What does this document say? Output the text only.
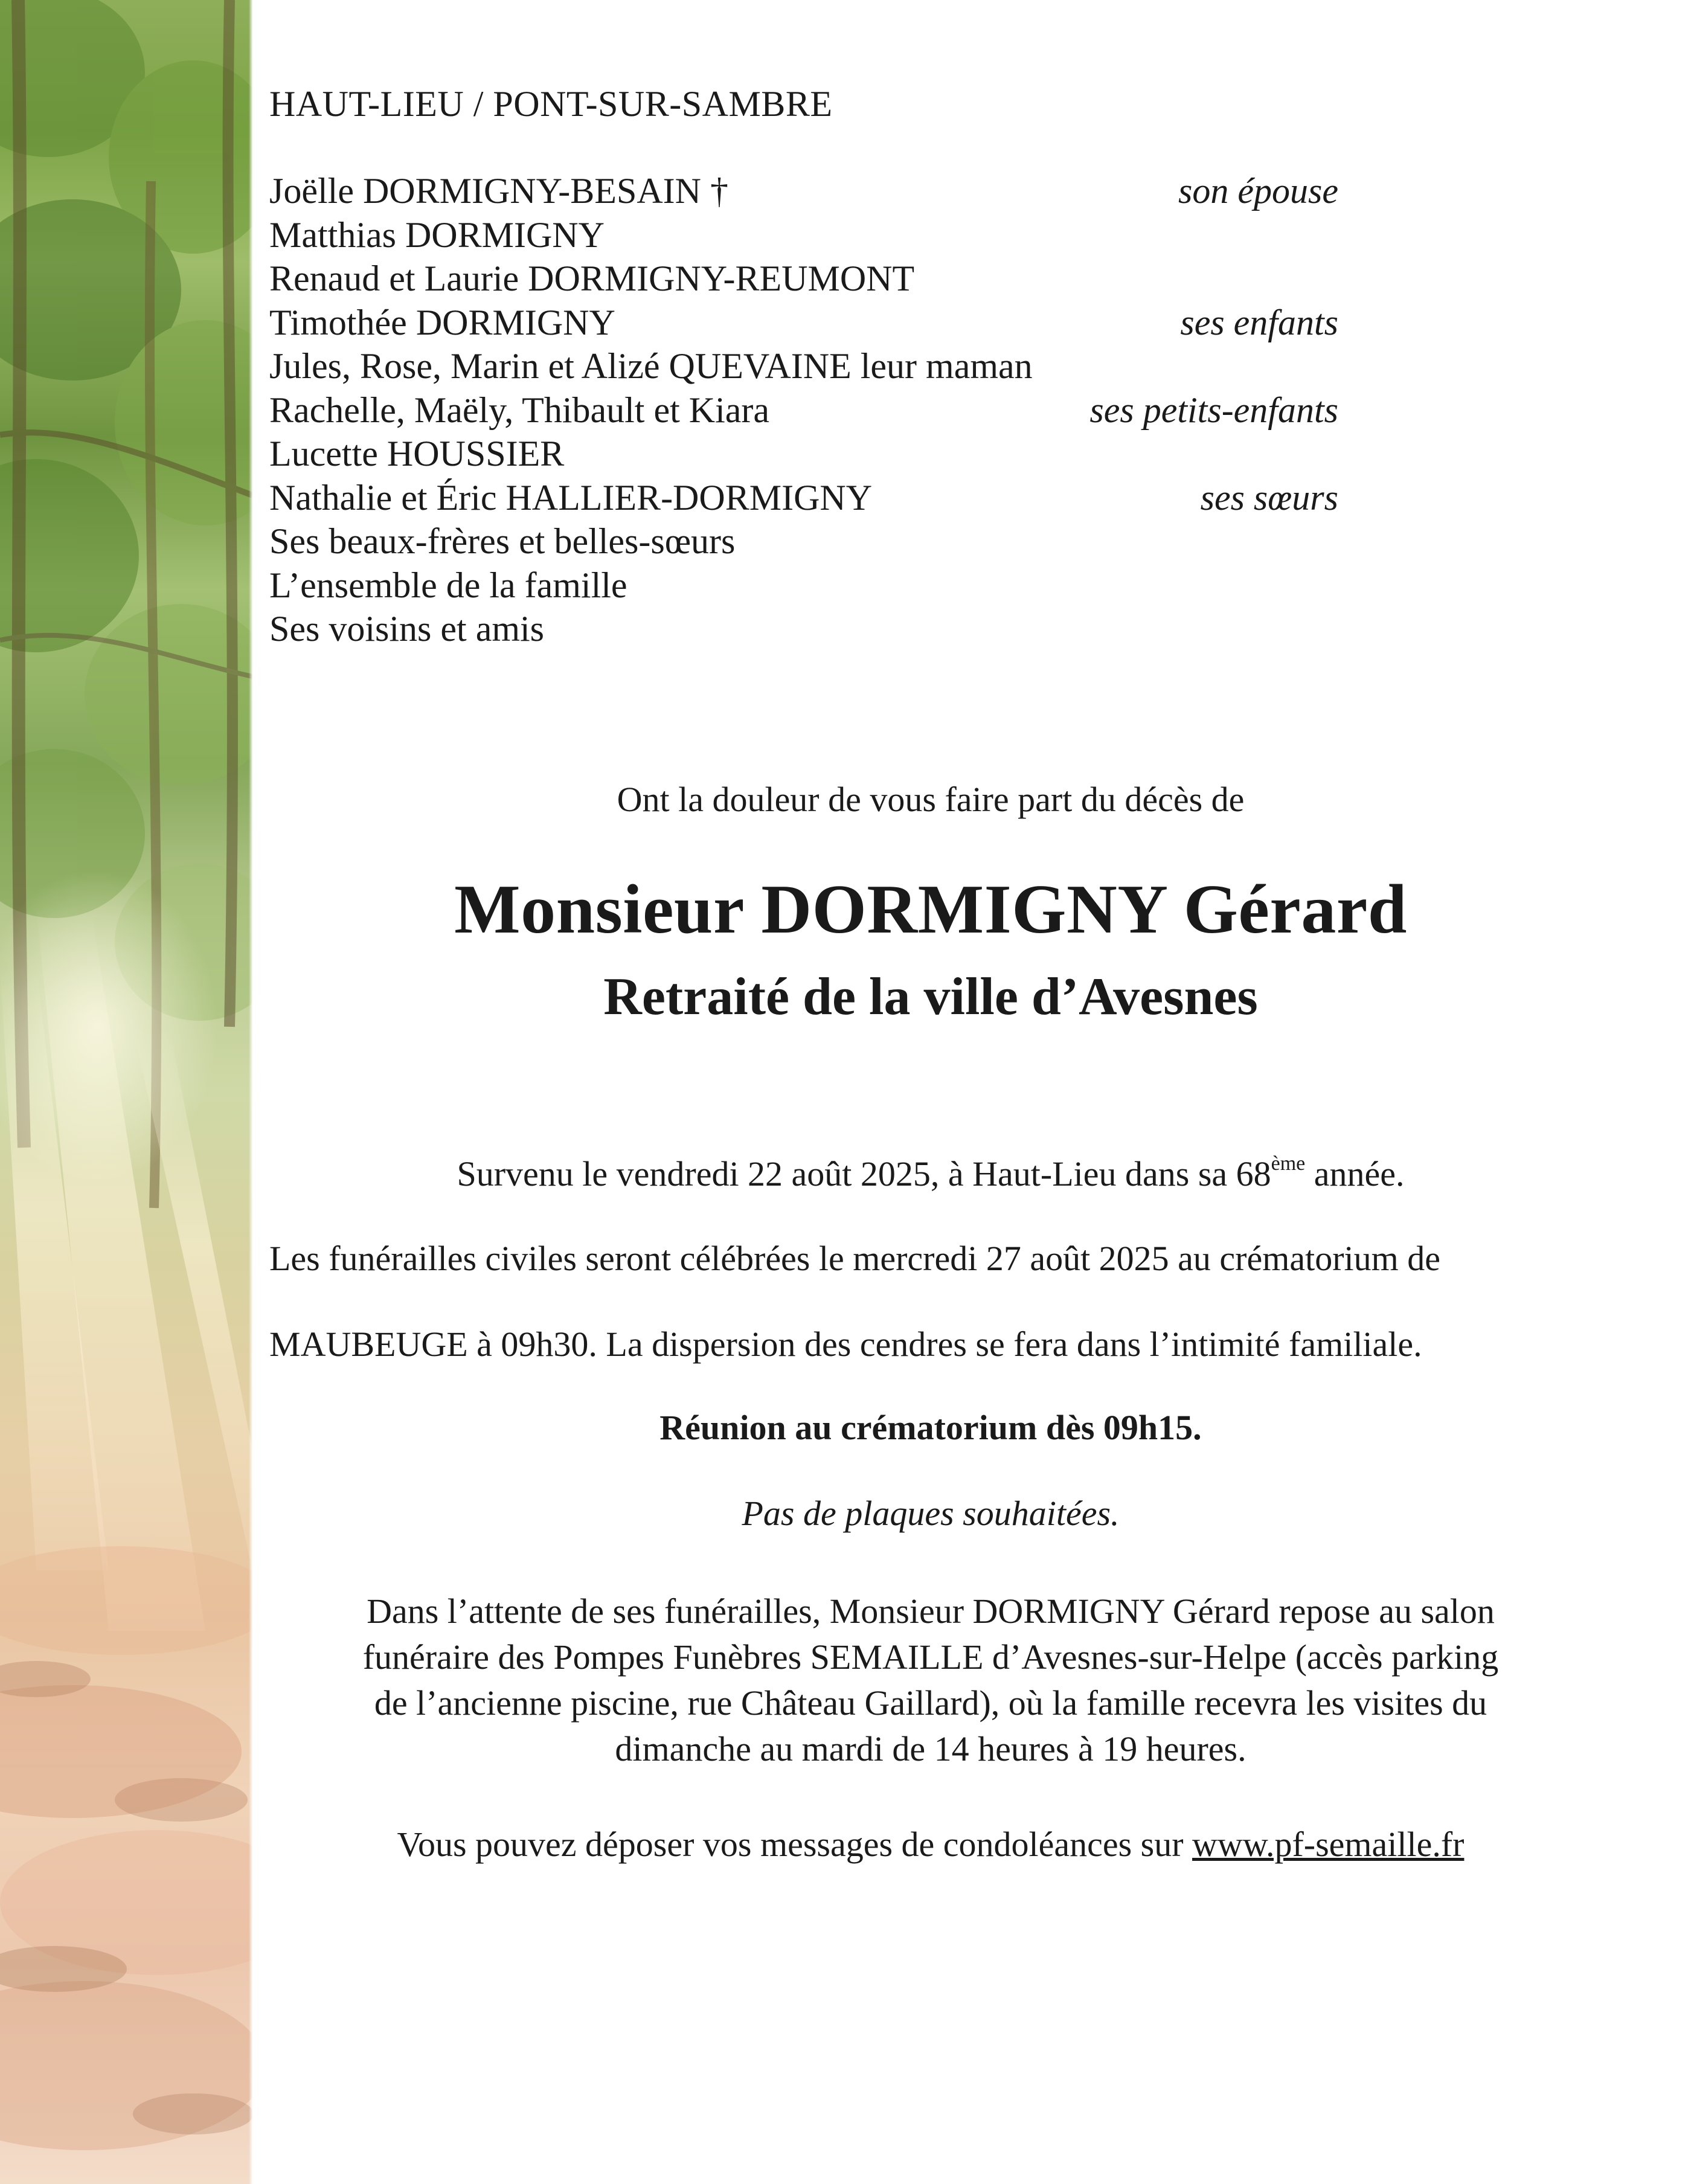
HAUT-LIEU / PONT-SUR-SAMBRE
Joëlle DORMIGNY-BESAIN †	son épouse
Matthias DORMIGNY
Renaud et Laurie DORMIGNY-REUMONT
Timothée DORMIGNY	ses enfants
Jules, Rose, Marin et Alizé QUEVAINE leur maman
Rachelle, Maëly, Thibault et Kiara	ses petits-enfants
Lucette HOUSSIER
Nathalie et Éric HALLIER-DORMIGNY	ses sœurs
Ses beaux-frères et belles-sœurs
L’ensemble de la famille
Ses voisins et amis
Ont la douleur de vous faire part du décès de
Monsieur DORMIGNY Gérard
Retraité de la ville d’Avesnes
Survenu le vendredi 22 août 2025, à Haut-Lieu dans sa 68ème année.
Les funérailles civiles seront célébrées le mercredi 27 août 2025 au crématorium de
MAUBEUGE à 09h30. La dispersion des cendres se fera dans l’intimité familiale.
Réunion au crématorium dès 09h15.
Pas de plaques souhaitées.
Dans l’attente de ses funérailles, Monsieur DORMIGNY Gérard repose au salon
funéraire des Pompes Funèbres SEMAILLE d’Avesnes-sur-Helpe (accès parking
de l’ancienne piscine, rue Château Gaillard), où la famille recevra les visites du
dimanche au mardi de 14 heures à 19 heures.
Vous pouvez déposer vos messages de condoléances sur www.pf-semaille.fr
